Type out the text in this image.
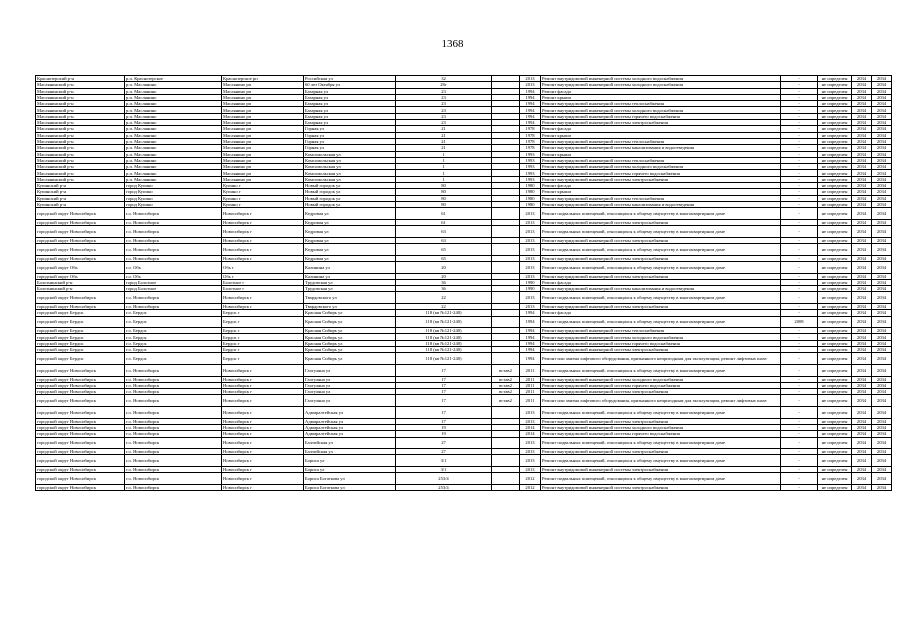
1368
Краснозерский р-н	р.п. Краснозерское	Краснозерское рп	Российская ул	32		2013	Ремонт внутридомовой инженерной системы холодного водоснабжения	-	не определен	2034	2034
Маслянинский р-н	р.п. Маслянино	Маслянино рп	60 лет Октября ул	28г		2013	Ремонт внутридомовой инженерной системы холодного водоснабжения	-	не определен	2034	2034
Маслянинский р-н	р.п. Маслянино	Маслянино рп	Базарная ул	23		1994	Ремонт фасада	-	не определен	2034	2034
Маслянинский р-н	р.п. Маслянино	Маслянино рп	Базарная ул	23		1994	Ремонт крыши	-	не определен	2034	2034
Маслянинский р-н	р.п. Маслянино	Маслянино рп	Базарная ул	23		1994	Ремонт внутридомовой инженерной системы теплоснабжения	-	не определен	2034	2034
Маслянинский р-н	р.п. Маслянино	Маслянино рп	Базарная ул	23		1994	Ремонт внутридомовой инженерной системы холодного водоснабжения	-	не определен	2034	2034
Маслянинский р-н	р.п. Маслянино	Маслянино рп	Базарная ул	23		1994	Ремонт внутридомовой инженерной системы горячего водоснабжения	-	не определен	2034	2034
Маслянинский р-н	р.п. Маслянино	Маслянино рп	Базарная ул	23		1994	Ремонт внутридомовой инженерной системы электроснабжения	-	не определен	2034	2034
Маслянинский р-н	р.п. Маслянино	Маслянино рп	Горная ул	21		1978	Ремонт фасада	-	не определен	2034	2034
Маслянинский р-н	р.п. Маслянино	Маслянино рп	Горная ул	21		1978	Ремонт крыши	-	не определен	2034	2034
Маслянинский р-н	р.п. Маслянино	Маслянино рп	Горная ул	21		1978	Ремонт внутридомовой инженерной системы теплоснабжения	-	не определен	2034	2034
Маслянинский р-н	р.п. Маслянино	Маслянино рп	Горная ул	21		1978	Ремонт внутридомовой инженерной системы канализования и водоотведения	-	не определен	2034	2034
Маслянинский р-н	р.п. Маслянино	Маслянино рп	Комсомольская ул	1		1993	Ремонт крыши	-	не определен	2034	2034
Маслянинский р-н	р.п. Маслянино	Маслянино рп	Комсомольская ул	1		1993	Ремонт внутридомовой инженерной системы теплоснабжения	-	не определен	2034	2034
Маслянинский р-н	р.п. Маслянино	Маслянино рп	Комсомольская ул	1		1993	Ремонт внутридомовой инженерной системы холодного водоснабжения	-	не определен	2034	2034
Маслянинский р-н	р.п. Маслянино	Маслянино рп	Комсомольская ул	1		1993	Ремонт внутридомовой инженерной системы горячего водоснабжения	-	не определен	2034	2034
Маслянинский р-н	р.п. Маслянино	Маслянино рп	Комсомольская ул	1		1993	Ремонт внутридомовой инженерной системы электроснабжения	-	не определен	2034	2034
Купинский р-н	город Купино	Купино г	Новый городок ул	80		1980	Ремонт фасада	-	не определен	2034	2034
Купинский р-н	город Купино	Купино г	Новый городок ул	80		1980	Ремонт крыши	-	не определен	2034	2034
Купинский р-н	город Купино	Купино г	Новый городок ул	80		1980	Ремонт внутридомовой инженерной системы теплоснабжения	-	не определен	2034	2034
Купинский р-н	город Купино	Купино г	Новый городок ул	80		1980	Ремонт внутридомовой инженерной системы канализования и водоотведения	-	не определен	2034	2034
городской округ Новосибирск	г.о. Новосибирск	Новосибирск г	Кедровая ул	61		2013	Ремонт подвальных помещений, относящихся к общему имуществу в многоквартирном доме	-	не определен	2034	2034
городской округ Новосибирск	г.о. Новосибирск	Новосибирск г	Кедровая ул	61		2013	Ремонт внутридомовой инженерной системы электроснабжения	-	не определен	2034	2034
городской округ Новосибирск	г.о. Новосибирск	Новосибирск г	Кедровая ул	63		2013	Ремонт подвальных помещений, относящихся к общему имуществу в многоквартирном доме	-	не определен	2034	2034
городской округ Новосибирск	г.о. Новосибирск	Новосибирск г	Кедровая ул	63		2013	Ремонт внутридомовой инженерной системы электроснабжения	-	не определен	2034	2034
городской округ Новосибирск	г.о. Новосибирск	Новосибирск г	Кедровая ул	65		2013	Ремонт подвальных помещений, относящихся к общему имуществу в многоквартирном доме	-	не определен	2034	2034
городской округ Новосибирск	г.о. Новосибирск	Новосибирск г	Кедровая ул	65		2013	Ремонт внутридомовой инженерной системы электроснабжения	-	не определен	2034	2034
городской округ Обь	г.о. Обь	Обь г	Калинина ул	20		2013	Ремонт подвальных помещений, относящихся к общему имуществу в многоквартирном доме	-	не определен	2034	2034
городской округ Обь	г.о. Обь	Обь г	Калинина ул	20		2013	Ремонт внутридомовой инженерной системы электроснабжения	-	не определен	2034	2034
Болотнинский р-н	город Болотное	Болотное г	Трудовская ул	36		1990	Ремонт фасада	-	не определен	2034	2034
Болотнинский р-н	город Болотное	Болотное г	Трудовская ул	36		1990	Ремонт внутридомовой инженерной системы канализования и водоотведения	-	не определен	2034	2034
городской округ Новосибирск	г.о. Новосибирск	Новосибирск г	Твардовского ул	22		2013	Ремонт подвальных помещений, относящихся к общему имуществу в многоквартирном доме	-	не определен	2034	2034
городской округ Новосибирск	г.о. Новосибирск	Новосибирск г	Твардовского ул	22		2013	Ремонт внутридомовой инженерной системы электроснабжения	-	не определен	2034	2034
городской округ Бердск	г.о. Бердск	Бердск г	Красная Сибирь ул	118 (кв №121-240)		1994	Ремонт фасада	-	не определен	2034	2034
городской округ Бердск	г.о. Бердск	Бердск г	Красная Сибирь ул	118 (кв №121-240)		1994	Ремонт подвальных помещений, относящихся к общему имуществу в многоквартирном доме	2008	не определен	2034	2034
городской округ Бердск	г.о. Бердск	Бердск г	Красная Сибирь ул	118 (кв №121-240)		1994	Ремонт внутридомовой инженерной системы теплоснабжения	-	не определен	2034	2034
городской округ Бердск	г.о. Бердск	Бердск г	Красная Сибирь ул	118 (кв №121-240)		1994	Ремонт внутридомовой инженерной системы холодного водоснабжения	-	не определен	2034	2034
городской округ Бердск	г.о. Бердск	Бердск г	Красная Сибирь ул	118 (кв №121-240)		1994	Ремонт внутридомовой инженерной системы горячего водоснабжения	-	не определен	2034	2034
городской округ Бердск	г.о. Бердск	Бердск г	Красная Сибирь ул	118 (кв №121-240)		1994	Ремонт внутридомовой инженерной системы электроснабжения	-	не определен	2034	2034
городской округ Бердск	г.о. Бердск	Бердск г	Красная Сибирь ул	118 (кв №121-240)		1994	Ремонт или замена лифтового оборудования, признанного непригодным для эксплуатации, ремонт лифтовых шахт	-	не определен	2034	2034
городской округ Новосибирск	г.о. Новосибирск	Новосибирск г	Гаогуляна ул	17	встав2	2011	Ремонт подвальных помещений, относящихся к общему имуществу в многоквартирном доме	-	не определен	2034	2034
городской округ Новосибирск	г.о. Новосибирск	Новосибирск г	Гаогуляна ул	17	встав2	2011	Ремонт внутридомовой инженерной системы холодного водоснабжения	-	не определен	2034	2034
городской округ Новосибирск	г.о. Новосибирск	Новосибирск г	Гаогуляна ул	17	встав2	2011	Ремонт внутридомовой инженерной системы горячего водоснабжения	-	не определен	2034	2034
городской округ Новосибирск	г.о. Новосибирск	Новосибирск г	Гаогуляна ул	17	встав2	2011	Ремонт внутридомовой инженерной системы электроснабжения	-	не определен	2034	2034
городской округ Новосибирск	г.о. Новосибирск	Новосибирск г	Гаогуляна ул	17	встав2	2011	Ремонт или замена лифтового оборудования, признанного непригодным для эксплуатации, ремонт лифтовых шахт	-	не определен	2034	2034
городской округ Новосибирск	г.о. Новосибирск	Новосибирск г	Адмиралтейская ул	17		2013	Ремонт подвальных помещений, относящихся к общему имуществу в многоквартирном доме	-	не определен	2034	2034
городской округ Новосибирск	г.о. Новосибирск	Новосибирск г	Адмиралтейская ул	17		2013	Ремонт внутридомовой инженерной системы электроснабжения	-	не определен	2034	2034
городской округ Новосибирск	г.о. Новосибирск	Новосибирск г	Адмиралтейская ул	19		2014	Ремонт внутридомовой инженерной системы холодного водоснабжения	-	не определен	2034	2034
городской округ Новосибирск	г.о. Новосибирск	Новосибирск г	Адмиралтейская ул	19		2014	Ремонт внутридомовой инженерной системы горячего водоснабжения	-	не определен	2034	2034
городской округ Новосибирск	г.о. Новосибирск	Новосибирск г	Балтийская ул	27		2013	Ремонт подвальных помещений, относящихся к общему имуществу в многоквартирном доме	-	не определен	2034	2034
городской округ Новосибирск	г.о. Новосибирск	Новосибирск г	Балтийская ул	27		2013	Ремонт внутридомовой инженерной системы электроснабжения	-	не определен	2034	2034
городской округ Новосибирск	г.о. Новосибирск	Новосибирск г	Бориса ул	3/1		2013	Ремонт подвальных помещений, относящихся к общему имуществу в многоквартирном доме	-	не определен	2034	2034
городской округ Новосибирск	г.о. Новосибирск	Новосибирск г	Бориса ул	3/1		2013	Ремонт внутридомовой инженерной системы электроснабжения	-	не определен	2034	2034
городской округ Новосибирск	г.о. Новосибирск	Новосибирск г	Бориса Богаткова ул	253/4		2012	Ремонт подвальных помещений, относящихся к общему имуществу в многоквартирном доме	-	не определен	2034	2034
городской округ Новосибирск	г.о. Новосибирск	Новосибирск г	Бориса Богаткова ул	253/4		2012	Ремонт внутридомовой инженерной системы электроснабжения	-	не определен	2034	2034
